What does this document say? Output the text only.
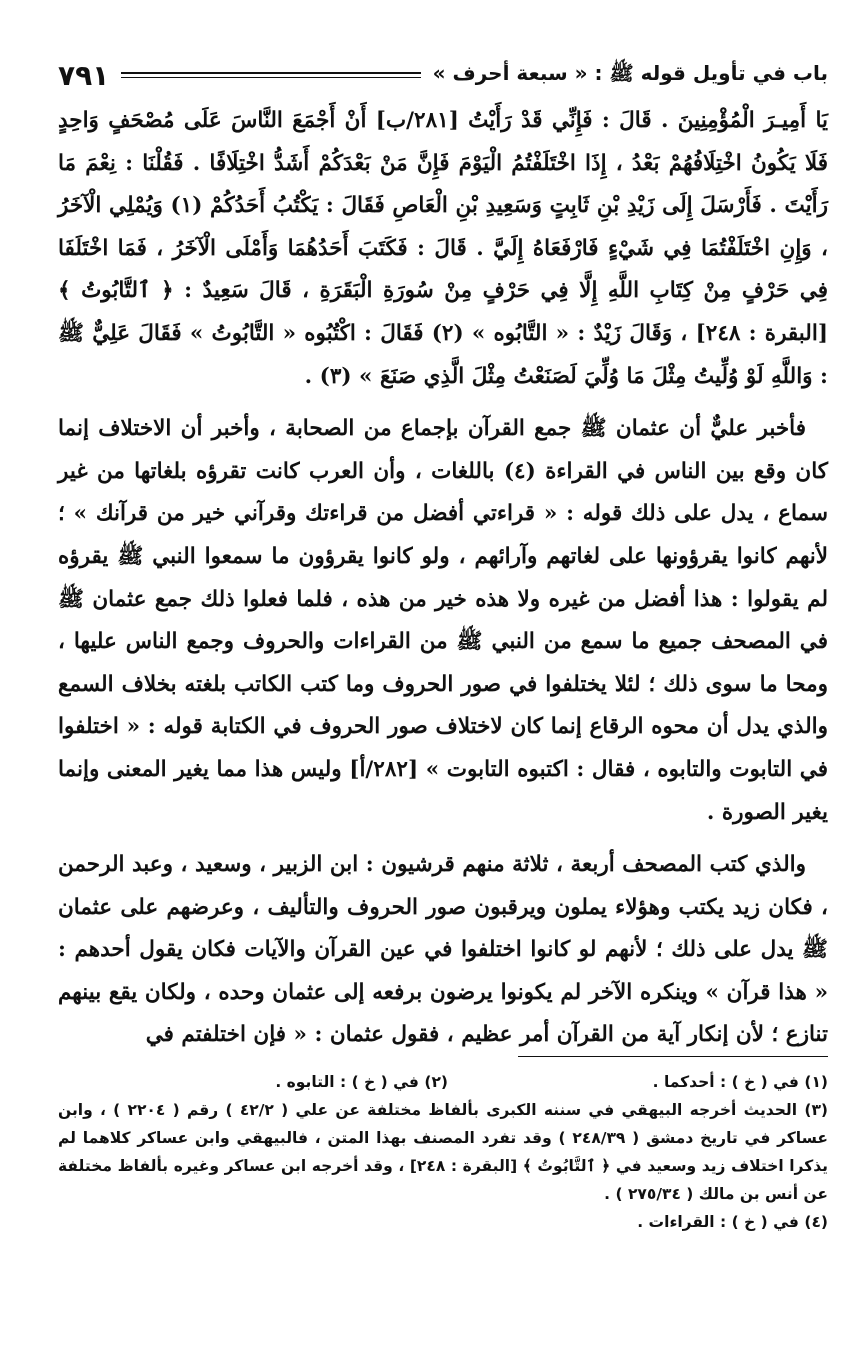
باب في تأويل قوله ﷺ : « سبعة أحرف »
٧٩١

يَا أَمِيـرَ الْمُؤْمِنِينَ . قَالَ : فَإِنِّي قَدْ رَأَيْتُ [٢٨١/ب] أَنْ أَجْمَعَ النَّاسَ عَلَى مُصْحَفٍ وَاحِدٍ فَلَا يَكُونُ اخْتِلَافُهُمْ بَعْدُ ، إِذَا اخْتَلَفْتُمُ الْيَوْمَ فَإِنَّ مَنْ بَعْدَكُمْ أَشَدُّ اخْتِلَافًا . فَقُلْنَا : نِعْمَ مَا رَأَيْتَ . فَأَرْسَلَ إِلَى زَيْدِ بْنِ ثَابِتٍ وَسَعِيدِ بْنِ الْعَاصِ فَقَالَ : يَكْتُبُ أَحَدُكُمْ (١) وَيُمْلِي الْآخَرُ ، وَإِنِ اخْتَلَفْتُمَا فِي شَيْءٍ فَارْفَعَاهُ إِلَيَّ . قَالَ : فَكَتَبَ أَحَدُهُمَا وَأَمْلَى الْآخَرُ ، فَمَا اخْتَلَفَا فِي حَرْفٍ مِنْ كِتَابِ اللَّهِ إِلَّا فِي حَرْفٍ مِنْ سُورَةِ الْبَقَرَةِ ، قَالَ سَعِيدٌ : ﴿ ٱلتَّابُوتُ ﴾ [البقرة : ٢٤٨] ، وَقَالَ زَيْدٌ : « التَّابُوه » (٢) فَقَالَ : اكْتُبُوه « التَّابُوتُ » فَقَالَ عَلِيٌّ ﷺ : وَاللَّهِ لَوْ وُلِّيتُ مِثْلَ مَا وُلِّيَ لَصَنَعْتُ مِثْلَ الَّذِي صَنَعَ » (٣) .

فأخبر عليٌّ أن عثمان ﷺ جمع القرآن بإجماع من الصحابة ، وأخبر أن الاختلاف إنما كان وقع بين الناس في القراءة (٤) باللغات ، وأن العرب كانت تقرؤه بلغاتها من غير سماع ، يدل على ذلك قوله : « قراءتي أفضل من قراءتك وقرآني خير من قرآنك » ؛ لأنهم كانوا يقرؤونها على لغاتهم وآرائهم ، ولو كانوا يقرؤون ما سمعوا النبي ﷺ يقرؤه لم يقولوا : هذا أفضل من غيره ولا هذه خير من هذه ، فلما فعلوا ذلك جمع عثمان ﷺ في المصحف جميع ما سمع من النبي ﷺ من القراءات والحروف وجمع الناس عليها ، ومحا ما سوى ذلك ؛ لئلا يختلفوا في صور الحروف وما كتب الكاتب بلغته بخلاف السمع والذي يدل أن محوه الرقاع إنما كان لاختلاف صور الحروف في الكتابة قوله : « اختلفوا في التابوت والتابوه ، فقال : اكتبوه التابوت » [٢٨٢/أ] وليس هذا مما يغير المعنى وإنما يغير الصورة .

والذي كتب المصحف أربعة ، ثلاثة منهم قرشيون : ابن الزبير ، وسعيد ، وعبد الرحمن ، فكان زيد يكتب وهؤلاء يملون ويرقبون صور الحروف والتأليف ، وعرضهم على عثمان ﷺ يدل على ذلك ؛ لأنهم لو كانوا اختلفوا في عين القرآن والآيات فكان يقول أحدهم : « هذا قرآن » وينكره الآخر لم يكونوا يرضون برفعه إلى عثمان وحده ، ولكان يقع بينهم تنازع ؛ لأن إنكار آية من القرآن أمر عظيم ، فقول عثمان : « فإن اختلفتم في

(١) في ( خ ) : أحدكما .

(٢) في ( خ ) : التابوه .

(٣) الحديث أخرجه البيهقي في سننه الكبرى بألفاظ مختلفة عن علي ( ٤٢/٢ ) رقم ( ٢٢٠٤ ) ، وابن عساكر في تاريخ دمشق ( ٢٤٨/٣٩ ) وقد تفرد المصنف بهذا المتن ، فالبيهقي وابن عساكر كلاهما لم يذكرا اختلاف زيد وسعيد في ﴿ ٱلتَّابُوتُ ﴾ [البقرة : ٢٤٨] ، وقد أخرجه ابن عساكر وغيره بألفاظ مختلفة عن أنس بن مالك ( ٢٧٥/٣٤ ) .

(٤) في ( خ ) : القراءات .
